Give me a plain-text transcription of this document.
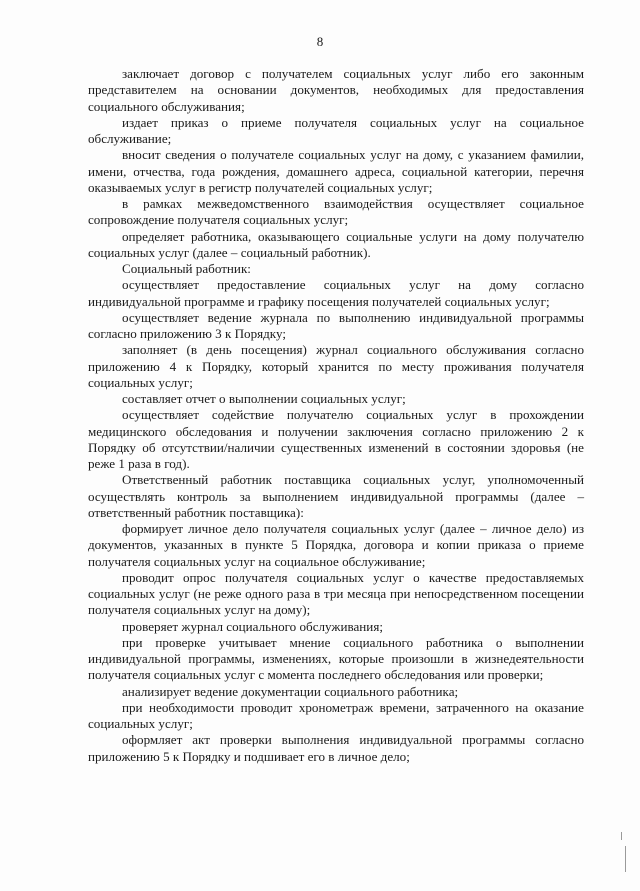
8

заключает договор с получателем социальных услуг либо его законным представителем на основании документов, необходимых для предоставления социального обслуживания;

издает приказ о приеме получателя социальных услуг на социальное обслуживание;

вносит сведения о получателе социальных услуг на дому, с указанием фамилии, имени, отчества, года рождения, домашнего адреса, социальной категории, перечня оказываемых услуг в регистр получателей социальных услуг;

в рамках межведомственного взаимодействия осуществляет социальное сопровождение получателя социальных услуг;

определяет работника, оказывающего социальные услуги на дому получателю социальных услуг (далее – социальный работник).

Социальный работник:

осуществляет предоставление социальных услуг на дому согласно индивидуальной программе и графику посещения получателей социальных услуг;

осуществляет ведение журнала по выполнению индивидуальной программы согласно приложению 3 к Порядку;

заполняет (в день посещения) журнал социального обслуживания согласно приложению 4 к Порядку, который хранится по месту проживания получателя социальных услуг;

составляет отчет о выполнении социальных услуг;

осуществляет содействие получателю социальных услуг в прохождении медицинского обследования и получении заключения согласно приложению 2 к Порядку об отсутствии/наличии существенных изменений в состоянии здоровья (не реже 1 раза в год).

Ответственный работник поставщика социальных услуг, уполномоченный осуществлять контроль за выполнением индивидуальной программы (далее – ответственный работник поставщика):

формирует личное дело получателя социальных услуг (далее – личное дело) из документов, указанных в пункте 5 Порядка, договора и копии приказа о приеме получателя социальных услуг на социальное обслуживание;

проводит опрос получателя социальных услуг о качестве предоставляемых социальных услуг (не реже одного раза в три месяца при непосредственном посещении получателя социальных услуг на дому);

проверяет журнал социального обслуживания;

при проверке учитывает мнение социального работника о выполнении индивидуальной программы, изменениях, которые произошли в жизнедеятельности получателя социальных услуг с момента последнего обследования или проверки;

анализирует ведение документации социального работника;

при необходимости проводит хронометраж времени, затраченного на оказание социальных услуг;

оформляет акт проверки выполнения индивидуальной программы согласно приложению 5 к Порядку и подшивает его в личное дело;
